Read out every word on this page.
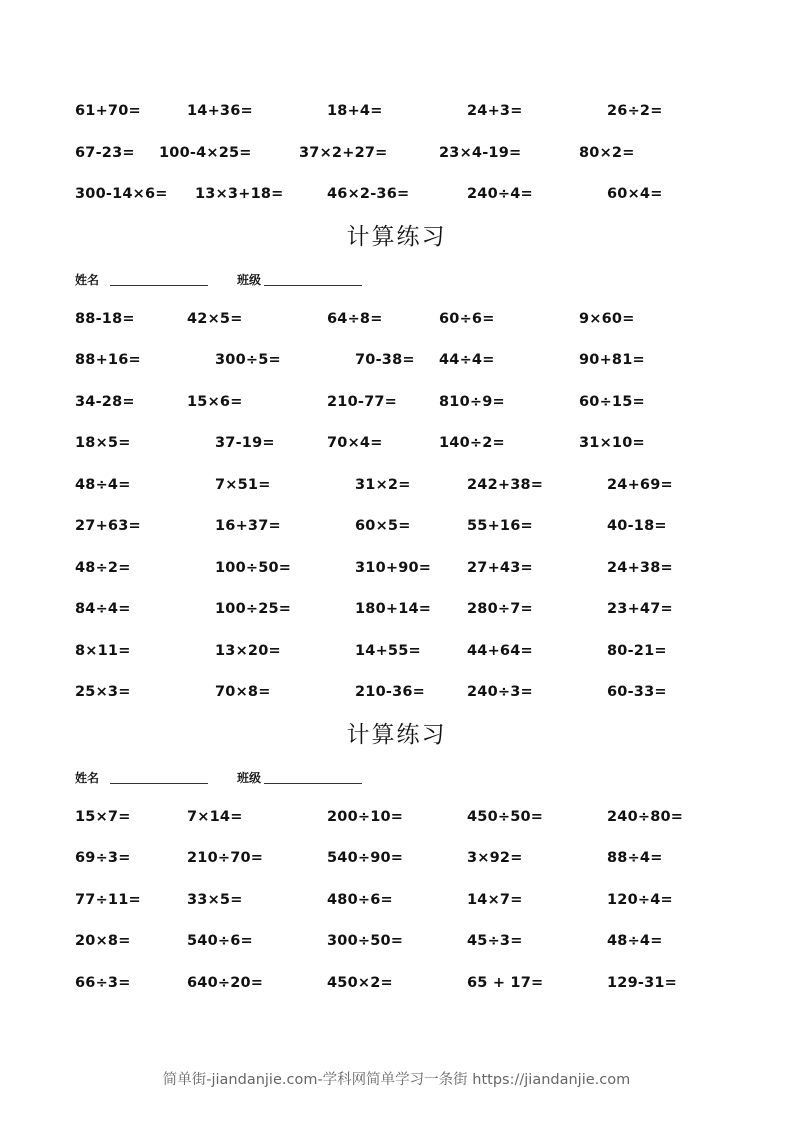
61+70=	14+36=	18+4=	24+3=	26÷2=
67-23= 100-4×25=	37×2+27=	23×4-19=	80×2=
300-14×6= 13×3+18=	46×2-36=	240÷4=	60×4=
计算练习
姓名	班级
88-18=	42×5=	64÷8=	60÷6=	9×60=
88+16=	300÷5=	70-38= 44÷4=	90+81=
34-28=	15×6=	210-77=	810÷9=	60÷15=
18×5=	37-19=	70×4=	140÷2=	31×10=
48÷4=	7×51=	31×2=	242+38=	24+69=
27+63=	16+37=	60×5=	55+16=	40-18=
48÷2=	100÷50=	310+90= 27+43=	24+38=
84÷4=	100÷25=	180+14= 280÷7=	23+47=
8×11=	13×20=	14+55=	44+64=	80-21=
25×3=	70×8=	210-36=	240÷3=	60-33=
计算练习
姓名	班级
15×7=	7×14=	200÷10=	450÷50=	240÷80=
69÷3=	210÷70=	540÷90=	3×92=	88÷4=
77÷11=	33×5=	480÷6=	14×7=	120÷4=
20×8=	540÷6=	300÷50=	45÷3=	48÷4=
66÷3=	640÷20=	450×2=	65 + 17=	129-31=
简单街-jiandanjie.com-学科网简单学习一条街 https://jiandanjie.com
